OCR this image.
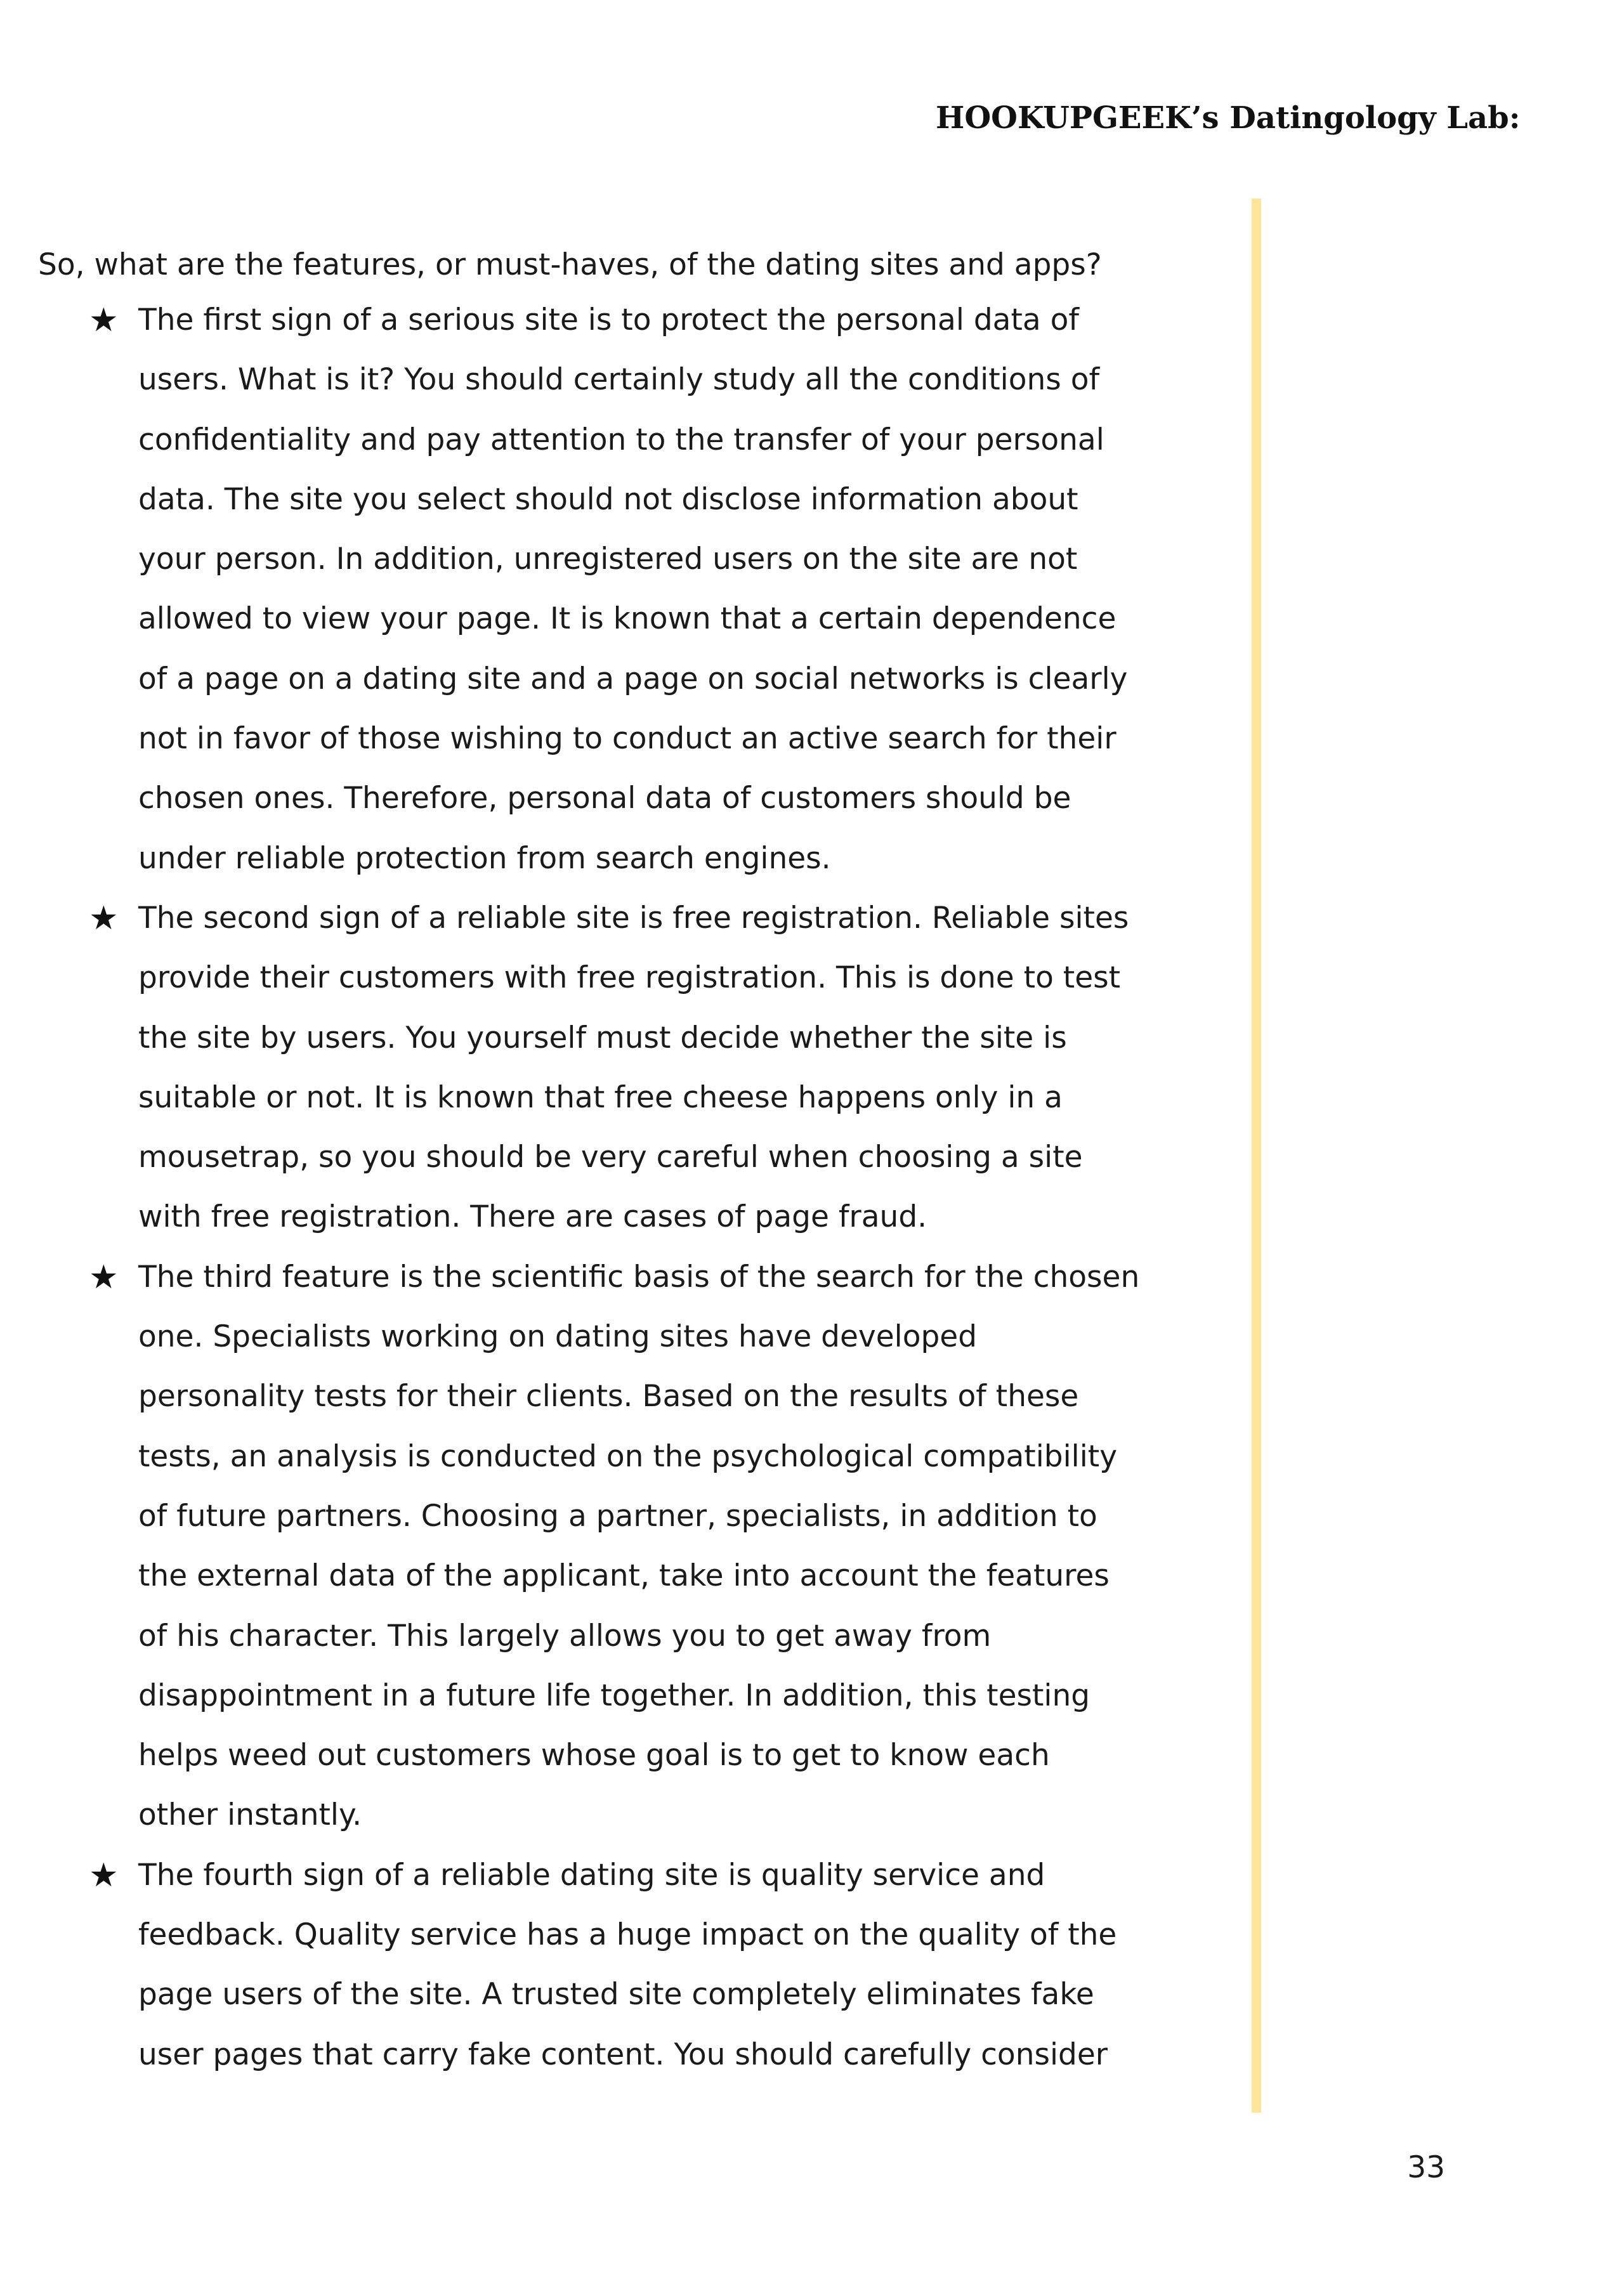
HOOKUPGEEK’s Datingology Lab:

So, what are the features, or must-haves, of the dating sites and apps?

★ The first sign of a serious site is to protect the personal data of
users. What is it? You should certainly study all the conditions of
confidentiality and pay attention to the transfer of your personal
data. The site you select should not disclose information about
your person. In addition, unregistered users on the site are not
allowed to view your page. It is known that a certain dependence
of a page on a dating site and a page on social networks is clearly
not in favor of those wishing to conduct an active search for their
chosen ones. Therefore, personal data of customers should be
under reliable protection from search engines.
★ The second sign of a reliable site is free registration. Reliable sites
provide their customers with free registration. This is done to test
the site by users. You yourself must decide whether the site is
suitable or not. It is known that free cheese happens only in a
mousetrap, so you should be very careful when choosing a site
with free registration. There are cases of page fraud.
★ The third feature is the scientific basis of the search for the chosen
one. Specialists working on dating sites have developed
personality tests for their clients. Based on the results of these
tests, an analysis is conducted on the psychological compatibility
of future partners. Choosing a partner, specialists, in addition to
the external data of the applicant, take into account the features
of his character. This largely allows you to get away from
disappointment in a future life together. In addition, this testing
helps weed out customers whose goal is to get to know each
other instantly.
★ The fourth sign of a reliable dating site is quality service and
feedback. Quality service has a huge impact on the quality of the
page users of the site. A trusted site completely eliminates fake
user pages that carry fake content. You should carefully consider
33
